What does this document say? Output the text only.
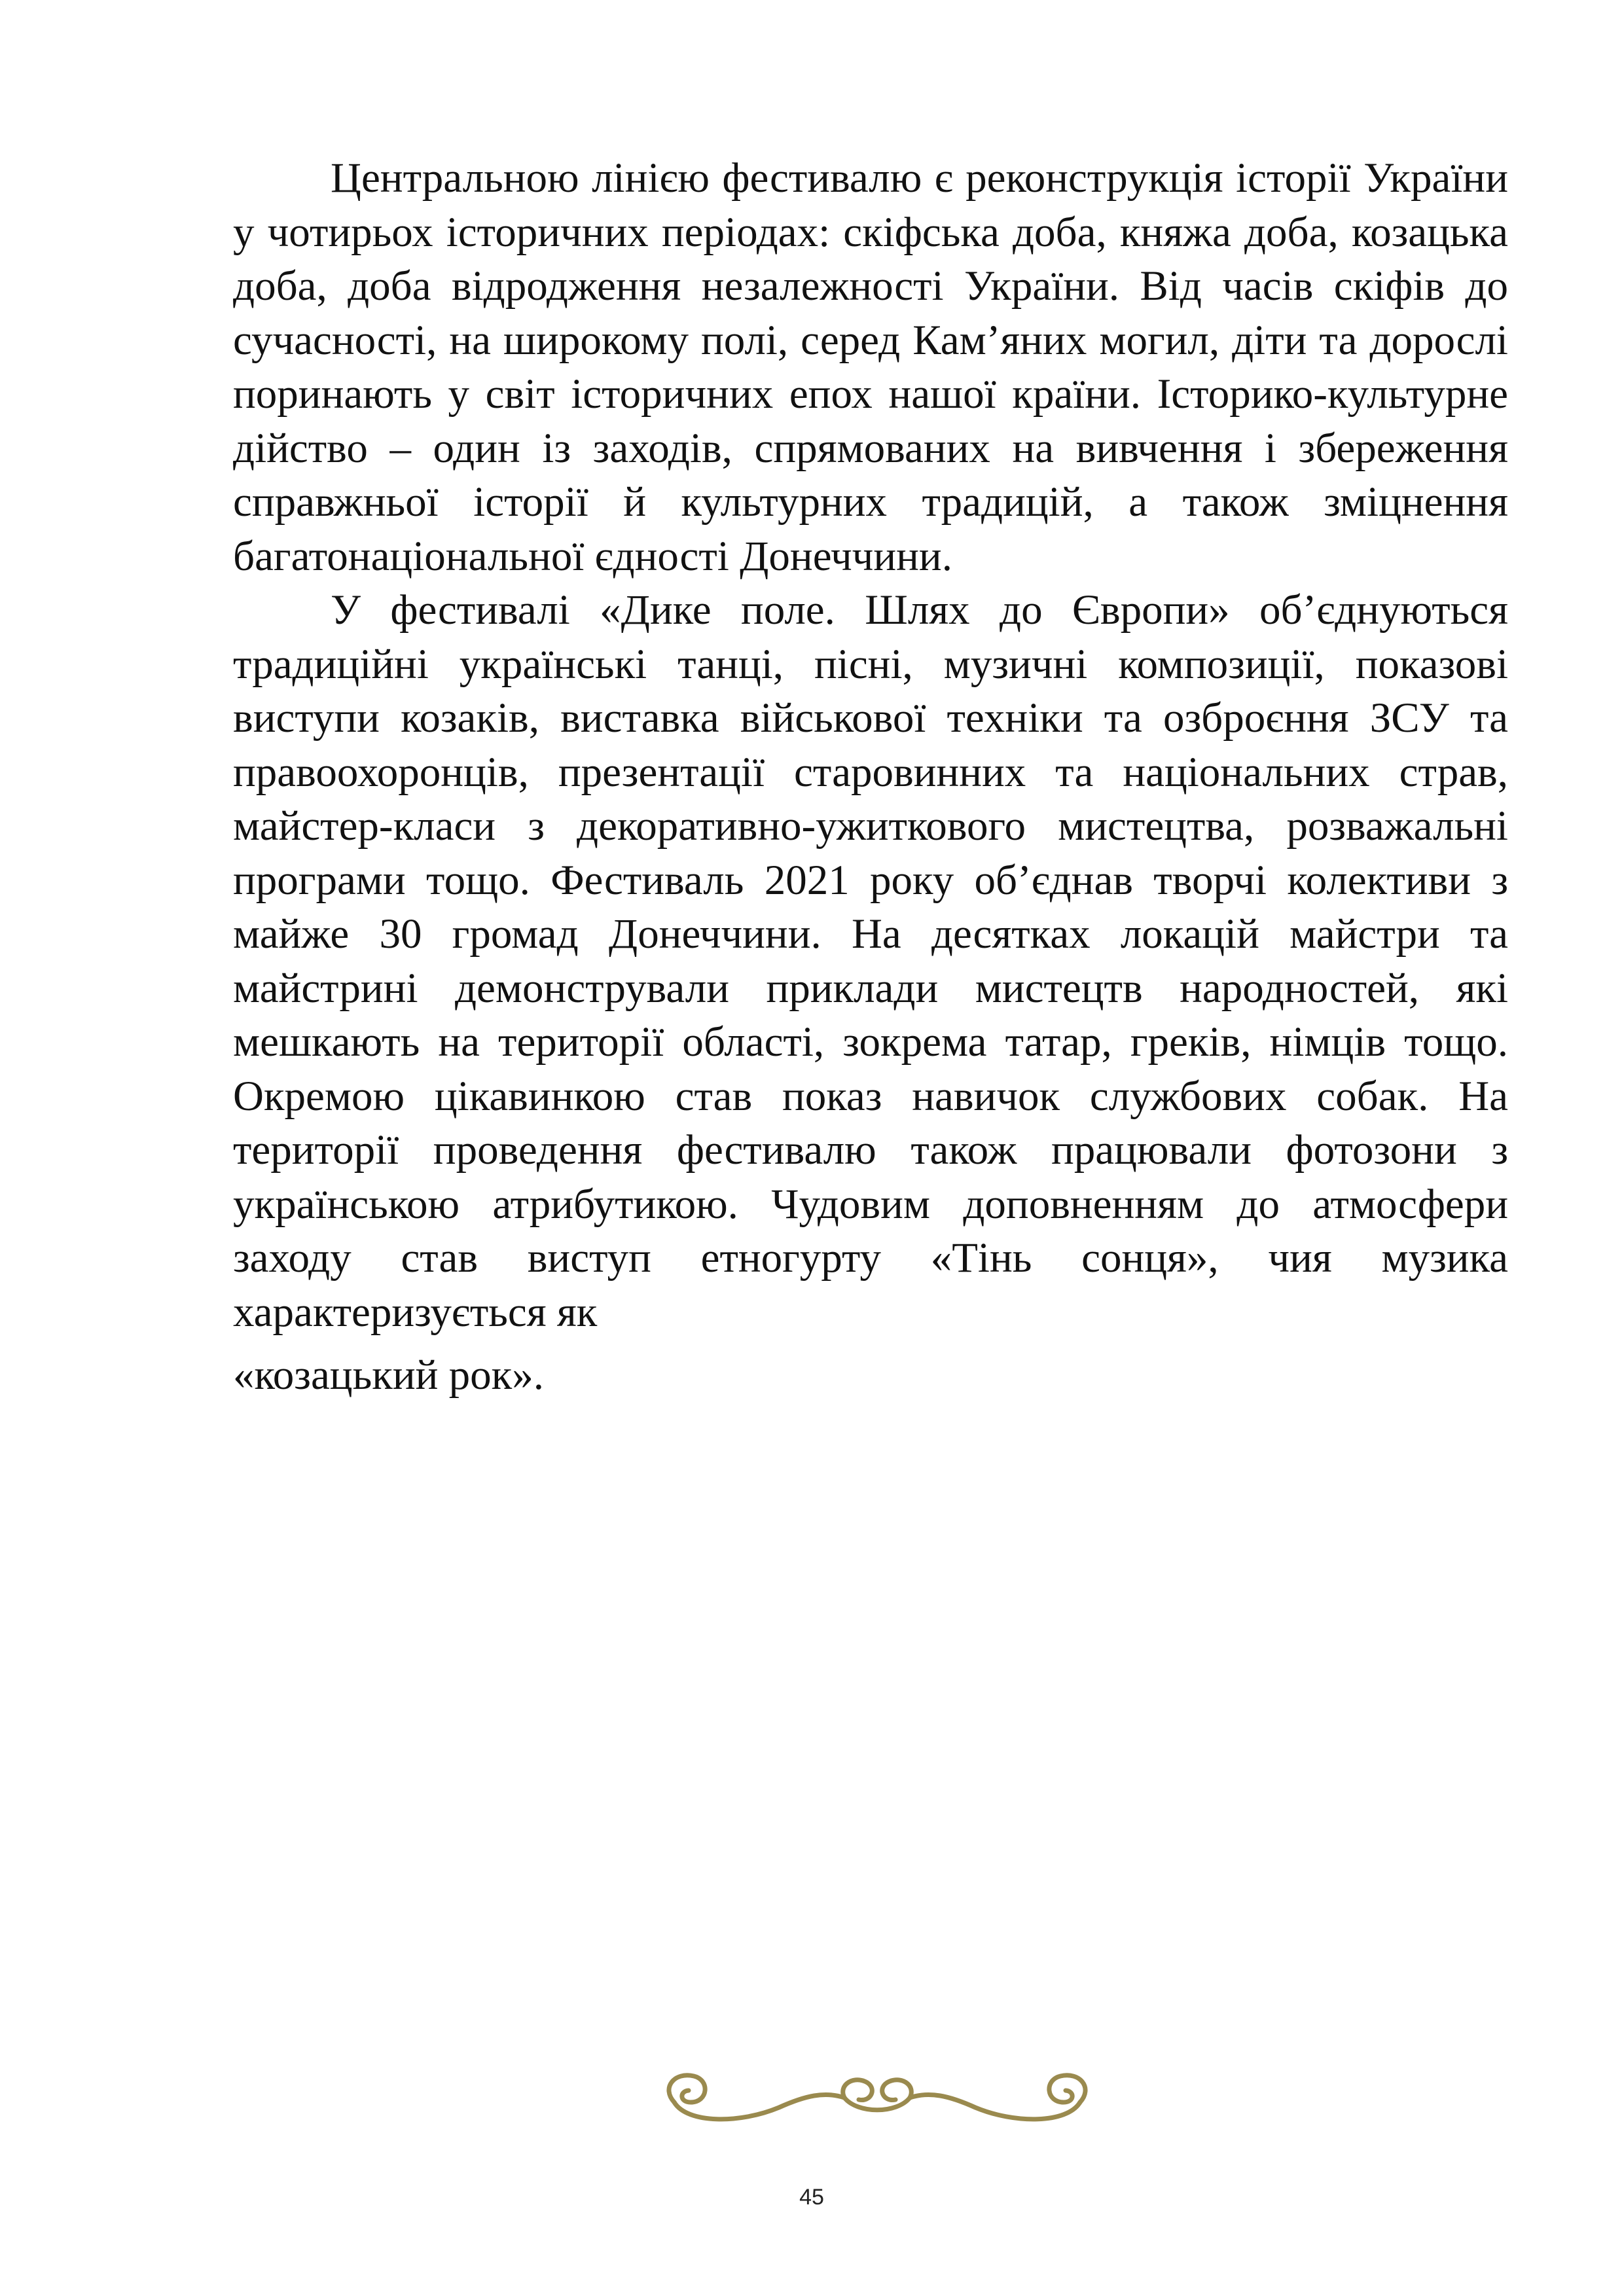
Центральною лінією фестивалю є реконструкція історії України у чотирьох історичних періодах: скіфська доба, княжа доба, козацька доба, доба відродження незалежності України. Від часів скіфів до сучасності, на широкому полі, серед Кам’яних могил, діти та дорослі поринають у світ історичних епох нашої країни. Історико-культурне дійство – один із заходів, спрямованих на вивчення і збереження справжньої історії й культурних традицій, а також зміцнення багатонаціональної єдності Донеччини.

У фестивалі «Дике поле. Шлях до Європи» об’єднуються традиційні українські танці, пісні, музичні композиції, показові виступи козаків, виставка військової техніки та озброєння ЗСУ та правоохоронців, презентації старовинних та національних страв, майстер-класи з декоративно-ужиткового мистецтва, розважальні програми тощо. Фестиваль 2021 року об’єднав творчі колективи з майже 30 громад Донеччини. На десятках локацій майстри та майстрині демонстрували приклади мистецтв народностей, які мешкають на території області, зокрема татар, греків, німців тощо. Окремою цікавинкою став показ навичок службових собак. На території проведення фестивалю також працювали фотозони з українською атрибутикою. Чудовим доповненням до атмосфери заходу став виступ етногурту «Тінь сонця», чия музика характеризується як

«козацький рок».

45
